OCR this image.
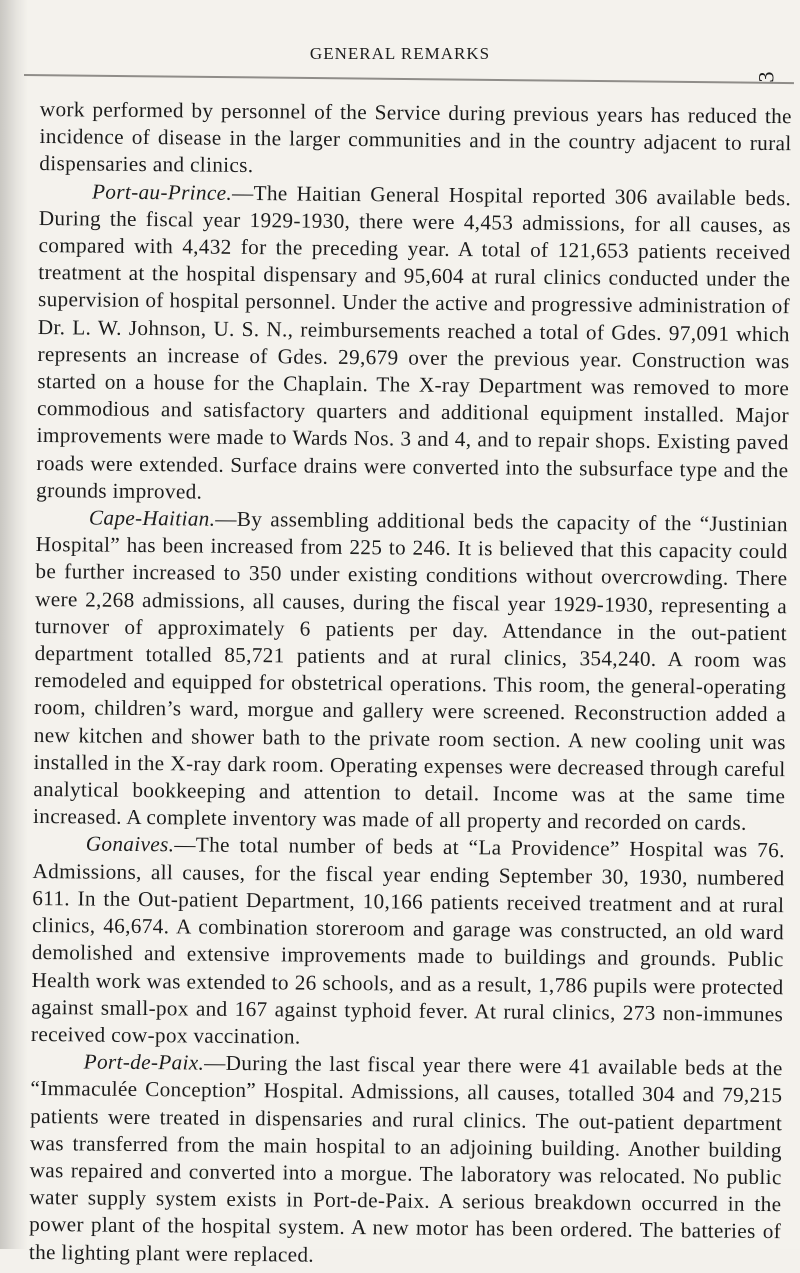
GENERAL REMARKS
3

work performed by personnel of the Service during previous years has reduced the incidence of disease in the larger communities and in the country adjacent to rural dispensaries and clinics.

Port-au-Prince.—The Haitian General Hospital reported 306 available beds. During the fiscal year 1929-1930, there were 4,453 admissions, for all causes, as compared with 4,432 for the preceding year. A total of 121,653 patients received treatment at the hospital dispensary and 95,604 at rural clinics conducted under the supervision of hospital personnel. Under the active and progressive administration of Dr. L. W. Johnson, U. S. N., reimbursements reached a total of Gdes. 97,091 which represents an increase of Gdes. 29,679 over the previous year. Construction was started on a house for the Chaplain. The X-ray Department was removed to more commodious and satisfactory quarters and additional equipment installed. Major improvements were made to Wards Nos. 3 and 4, and to repair shops. Existing paved roads were extended. Surface drains were converted into the subsurface type and the grounds improved.

Cape-Haitian.—By assembling additional beds the capacity of the “Justinian Hospital” has been increased from 225 to 246. It is believed that this capacity could be further increased to 350 under existing conditions without overcrowding. There were 2,268 admissions, all causes, during the fiscal year 1929-1930, representing a turnover of approximately 6 patients per day. Attendance in the out-patient department totalled 85,721 patients and at rural clinics, 354,240. A room was remodeled and equipped for obstetrical operations. This room, the general-operating room, children’s ward, morgue and gallery were screened. Reconstruction added a new kitchen and shower bath to the private room section. A new cooling unit was installed in the X-ray dark room. Operating expenses were decreased through careful analytical bookkeeping and attention to detail. Income was at the same time increased. A complete inventory was made of all property and recorded on cards.

Gonaives.—The total number of beds at “La Providence” Hospital was 76. Admissions, all causes, for the fiscal year ending September 30, 1930, numbered 611. In the Out-patient Department, 10,166 patients received treatment and at rural clinics, 46,674. A combination storeroom and garage was constructed, an old ward demolished and extensive improvements made to buildings and grounds. Public Health work was extended to 26 schools, and as a result, 1,786 pupils were protected against small-pox and 167 against typhoid fever. At rural clinics, 273 non-immunes received cow-pox vaccination.

Port-de-Paix.—During the last fiscal year there were 41 available beds at the “Immaculée Conception” Hospital. Admissions, all causes, totalled 304 and 79,215 patients were treated in dispensaries and rural clinics. The out-patient department was transferred from the main hospital to an adjoining building. Another building was repaired and converted into a morgue. The laboratory was relocated. No public water supply system exists in Port-de-Paix. A serious breakdown occurred in the power plant of the hospital system. A new motor has been ordered. The batteries of the lighting plant were replaced.
